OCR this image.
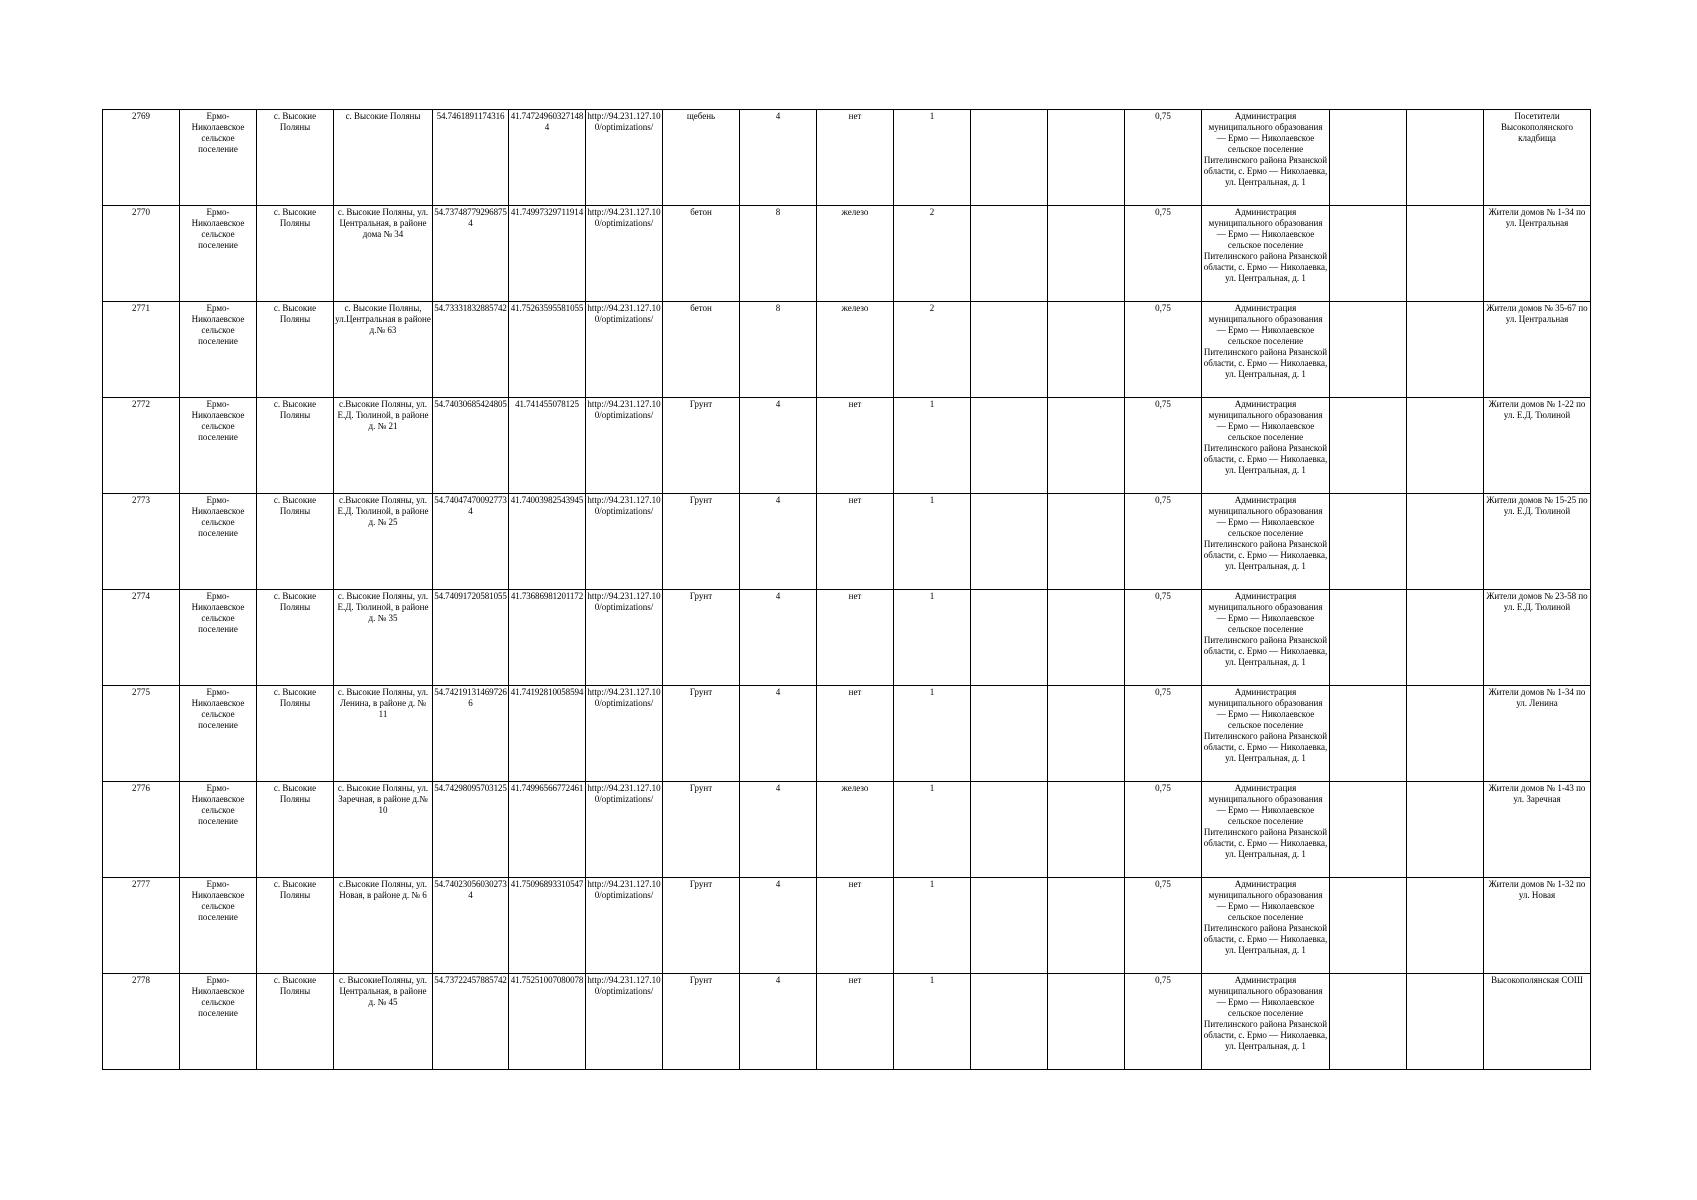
2769	Ермо-Николаевское сельское поселение	с. Высокие Поляны	с. Высокие Поляны	54.7461891174316	41.74724960327148 4	http://94.231.127.10 0/optimizations/	щебень	4	нет	1			0,75	Администрация муниципального образования — Ермо — Николаевское сельское поселение Пителинского района Рязанской области, с. Ермо — Николаевка, ул. Центральная, д. 1			Посетители Высокополянского кладбища
2770	Ермо-Николаевское сельское поселение	с. Высокие Поляны	с. Высокие Поляны, ул. Центральная, в районе дома № 34	54.73748779296875 4	41.74997329711914	http://94.231.127.10 0/optimizations/	бетон	8	железо	2			0,75	Администрация муниципального образования — Ермо — Николаевское сельское поселение Пителинского района Рязанской области, с. Ермо — Николаевка, ул. Центральная, д. 1			Жители домов № 1-34 по ул. Центральная
2771	Ермо-Николаевское сельское поселение	с. Высокие Поляны	с. Высокие Поляны, ул.Центральная в районе д.№ 63	54.73331832885742	41.75263595581055	http://94.231.127.10 0/optimizations/	бетон	8	железо	2			0,75	Администрация муниципального образования — Ермо — Николаевское сельское поселение Пителинского района Рязанской области, с. Ермо — Николаевка, ул. Центральная, д. 1			Жители домов № 35-67 по ул. Центральная
2772	Ермо-Николаевское сельское поселение	с. Высокие Поляны	с.Высокие Поляны, ул. Е.Д. Тюлиной, в районе д. № 21	54.74030685424805	41.741455078125	http://94.231.127.10 0/optimizations/	Грунт	4	нет	1			0,75	Администрация муниципального образования — Ермо — Николаевское сельское поселение Пителинского района Рязанской области, с. Ермо — Николаевка, ул. Центральная, д. 1			Жители домов № 1-22 по ул. Е.Д. Тюлиной
2773	Ермо-Николаевское сельское поселение	с. Высокие Поляны	с.Высокие Поляны, ул. Е.Д. Тюлиной, в районе д. № 25	54.74047470092773 4	41.74003982543945	http://94.231.127.10 0/optimizations/	Грунт	4	нет	1			0,75	Администрация муниципального образования — Ермо — Николаевское сельское поселение Пителинского района Рязанской области, с. Ермо — Николаевка, ул. Центральная, д. 1			Жители домов № 15-25 по ул. Е.Д. Тюлиной
2774	Ермо-Николаевское сельское поселение	с. Высокие Поляны	с. Высокие Поляны, ул. Е.Д. Тюлиной, в районе д. № 35	54.74091720581055	41.73686981201172	http://94.231.127.10 0/optimizations/	Грунт	4	нет	1			0,75	Администрация муниципального образования — Ермо — Николаевское сельское поселение Пителинского района Рязанской области, с. Ермо — Николаевка, ул. Центральная, д. 1			Жители домов № 23-58 по ул. Е.Д. Тюлиной
2775	Ермо-Николаевское сельское поселение	с. Высокие Поляны	с. Высокие Поляны, ул. Ленина, в районе д. № 11	54.74219131469726 6	41.74192810058594	http://94.231.127.10 0/optimizations/	Грунт	4	нет	1			0,75	Администрация муниципального образования — Ермо — Николаевское сельское поселение Пителинского района Рязанской области, с. Ермо — Николаевка, ул. Центральная, д. 1			Жители домов № 1-34 по ул. Ленина
2776	Ермо-Николаевское сельское поселение	с. Высокие Поляны	с. Высокие Поляны, ул. Заречная, в районе д.№ 10	54.74298095703125	41.74996566772461	http://94.231.127.10 0/optimizations/	Грунт	4	железо	1			0,75	Администрация муниципального образования — Ермо — Николаевское сельское поселение Пителинского района Рязанской области, с. Ермо — Николаевка, ул. Центральная, д. 1			Жители домов № 1-43 по ул. Заречная
2777	Ермо-Николаевское сельское поселение	с. Высокие Поляны	с.Высокие Поляны, ул. Новая, в районе д. № 6	54.74023056030273 4	41.75096893310547	http://94.231.127.10 0/optimizations/	Грунт	4	нет	1			0,75	Администрация муниципального образования — Ермо — Николаевское сельское поселение Пителинского района Рязанской области, с. Ермо — Николаевка, ул. Центральная, д. 1			Жители домов № 1-32 по ул. Новая
2778	Ермо-Николаевское сельское поселение	с. Высокие Поляны	с. ВысокиеПоляны, ул. Центральная, в районе д. № 45	54.73722457885742	41.75251007080078	http://94.231.127.10 0/optimizations/	Грунт	4	нет	1			0,75	Администрация муниципального образования — Ермо — Николаевское сельское поселение Пителинского района Рязанской области, с. Ермо — Николаевка, ул. Центральная, д. 1			Высокополянская СОШ
